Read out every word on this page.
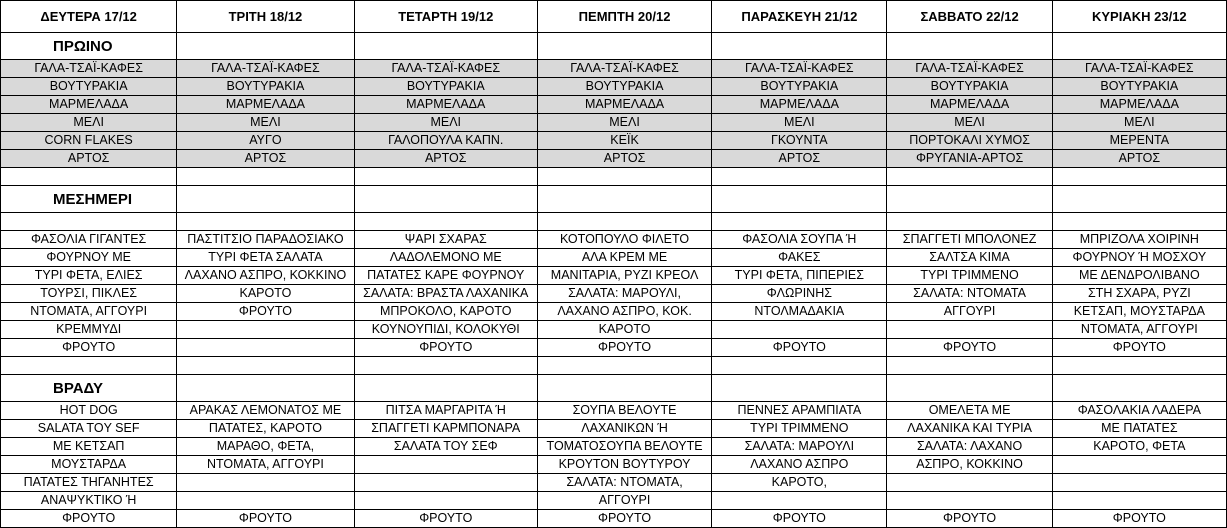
ΔΕΥΤΕΡΑ 17/12	ΤΡΙΤΗ 18/12	ΤΕΤΑΡΤΗ 19/12	ΠΕΜΠΤΗ 20/12	ΠΑΡΑΣΚΕΥΗ 21/12	ΣΑΒΒΑΤΟ 22/12	ΚΥΡΙΑΚΗ 23/12
ΠΡΩΙΝΟ						
ΓΑΛΑ-ΤΣΑΪ-ΚΑΦΕΣ	ΓΑΛΑ-ΤΣΑΪ-ΚΑΦΕΣ	ΓΑΛΑ-ΤΣΑΪ-ΚΑΦΕΣ	ΓΑΛΑ-ΤΣΑΪ-ΚΑΦΕΣ	ΓΑΛΑ-ΤΣΑΪ-ΚΑΦΕΣ	ΓΑΛΑ-ΤΣΑΪ-ΚΑΦΕΣ	ΓΑΛΑ-ΤΣΑΪ-ΚΑΦΕΣ
ΒΟΥΤΥΡΑΚΙΑ	ΒΟΥΤΥΡΑΚΙΑ	ΒΟΥΤΥΡΑΚΙΑ	ΒΟΥΤΥΡΑΚΙΑ	ΒΟΥΤΥΡΑΚΙΑ	ΒΟΥΤΥΡΑΚΙΑ	ΒΟΥΤΥΡΑΚΙΑ
ΜΑΡΜΕΛΑΔΑ	ΜΑΡΜΕΛΑΔΑ	ΜΑΡΜΕΛΑΔΑ	ΜΑΡΜΕΛΑΔΑ	ΜΑΡΜΕΛΑΔΑ	ΜΑΡΜΕΛΑΔΑ	ΜΑΡΜΕΛΑΔΑ
ΜΕΛΙ	ΜΕΛΙ	ΜΕΛΙ	ΜΕΛΙ	ΜΕΛΙ	ΜΕΛΙ	ΜΕΛΙ
CORN FLAKES	ΑΥΓΟ	ΓΑΛΟΠΟΥΛΑ ΚΑΠΝ.	ΚΕΪΚ	ΓΚΟΥΝΤΑ	ΠΟΡΤΟΚΑΛΙ ΧΥΜΟΣ	ΜΕΡΕΝΤΑ
ΑΡΤΟΣ	ΑΡΤΟΣ	ΑΡΤΟΣ	ΑΡΤΟΣ	ΑΡΤΟΣ	ΦΡΥΓΑΝΙΑ-ΑΡΤΟΣ	ΑΡΤΟΣ

ΜΕΣΗΜΕΡΙ						

ΦΑΣΟΛΙΑ ΓΙΓΑΝΤΕΣ	ΠΑΣΤΙΤΣΙΟ ΠΑΡΑΔΟΣΙΑΚΟ	ΨΑΡΙ ΣΧΑΡΑΣ	ΚΟΤΟΠΟΥΛΟ ΦΙΛΕΤΟ	ΦΑΣΟΛΙΑ ΣΟΥΠΑ Ή	ΣΠΑΓΓΕΤΙ ΜΠΟΛΟΝΕΖ	ΜΠΡΙΖΟΛΑ ΧΟΙΡΙΝΗ
ΦΟΥΡΝΟΥ ΜΕ	ΤΥΡΙ ΦΕΤΑ ΣΑΛΑΤΑ	ΛΑΔΟΛΕΜΟΝΟ ΜΕ	ΑΛΑ ΚΡΕΜ ΜΕ	ΦΑΚΕΣ	ΣΑΛΤΣΑ ΚΙΜΑ	ΦΟΥΡΝΟΥ Ή ΜΟΣΧΟΥ
ΤΥΡΙ ΦΕΤΑ, ΕΛΙΕΣ	ΛΑΧΑΝΟ ΑΣΠΡΟ, ΚΟΚΚΙΝΟ	ΠΑΤΑΤΕΣ ΚΑΡΕ ΦΟΥΡΝΟΥ	ΜΑΝΙΤΑΡΙΑ, ΡΥΖΙ ΚΡΕΟΛ	ΤΥΡΙ ΦΕΤΑ, ΠΙΠΕΡΙΕΣ	ΤΥΡΙ ΤΡΙΜΜΕΝΟ	ΜΕ ΔΕΝΔΡΟΛΙΒΑΝΟ
ΤΟΥΡΣΙ, ΠΙΚΛΕΣ	ΚΑΡΟΤΟ	ΣΑΛΑΤΑ: ΒΡΑΣΤΑ ΛΑΧΑΝΙΚΑ	ΣΑΛΑΤΑ: ΜΑΡΟΥΛΙ,	ΦΛΩΡΙΝΗΣ	ΣΑΛΑΤΑ: ΝΤΟΜΑΤΑ	ΣΤΗ ΣΧΑΡΑ, ΡΥΖΙ
ΝΤΟΜΑΤΑ, ΑΓΓΟΥΡΙ	ΦΡΟΥΤΟ	ΜΠΡΟΚΟΛΟ, ΚΑΡΟΤΟ	ΛΑΧΑΝΟ ΑΣΠΡΟ, ΚΟΚ.	ΝΤΟΛΜΑΔΑΚΙΑ	ΑΓΓΟΥΡΙ	ΚΕΤΣΑΠ, ΜΟΥΣΤΑΡΔΑ
ΚΡΕΜΜΥΔΙ		ΚΟΥΝΟΥΠΙΔΙ, ΚΟΛΟΚΥΘΙ	ΚΑΡΟΤΟ			ΝΤΟΜΑΤΑ, ΑΓΓΟΥΡΙ
ΦΡΟΥΤΟ		ΦΡΟΥΤΟ	ΦΡΟΥΤΟ	ΦΡΟΥΤΟ	ΦΡΟΥΤΟ	ΦΡΟΥΤΟ

ΒΡΑΔΥ						
HOT DOG	ΑΡΑΚΑΣ ΛΕΜΟΝΑΤΟΣ ΜΕ	ΠΙΤΣΑ ΜΑΡΓΑΡΙΤΑ Ή	ΣΟΥΠΑ ΒΕΛΟΥΤΕ	ΠΕΝΝΕΣ ΑΡΑΜΠΙΑΤΑ	ΟΜΕΛΕΤΑ ΜΕ	ΦΑΣΟΛΑΚΙΑ ΛΑΔΕΡΑ
SALATA TOY SEF	ΠΑΤΑΤΕΣ, ΚΑΡΟΤΟ	ΣΠΑΓΓΕΤΙ ΚΑΡΜΠΟΝΑΡΑ	ΛΑΧΑΝΙΚΩΝ Ή	ΤΥΡΙ ΤΡΙΜΜΕΝΟ	ΛΑΧΑΝΙΚΑ ΚΑΙ ΤΥΡΙΑ	ΜΕ ΠΑΤΑΤΕΣ
ΜΕ ΚΕΤΣΑΠ	ΜΑΡΑΘΟ, ΦΕΤΑ,	ΣΑΛΑΤΑ ΤΟΥ ΣΕΦ	ΤΟΜΑΤΟΣΟΥΠΑ ΒΕΛΟΥΤΕ	ΣΑΛΑΤΑ: ΜΑΡΟΥΛΙ	ΣΑΛΑΤΑ: ΛΑΧΑΝΟ	ΚΑΡΟΤΟ, ΦΕΤΑ
ΜΟΥΣΤΑΡΔΑ	ΝΤΟΜΑΤΑ, ΑΓΓΟΥΡΙ		ΚΡΟΥΤΟΝ ΒΟΥΤΥΡΟΥ	ΛΑΧΑΝΟ ΑΣΠΡΟ	ΑΣΠΡΟ, ΚΟΚΚΙΝΟ	
ΠΑΤΑΤΕΣ ΤΗΓΑΝΗΤΕΣ			ΣΑΛΑΤΑ: ΝΤΟΜΑΤΑ,	ΚΑΡΟΤΟ,		
ΑΝΑΨΥΚΤΙΚΟ Ή			ΑΓΓΟΥΡΙ			
ΦΡΟΥΤΟ	ΦΡΟΥΤΟ	ΦΡΟΥΤΟ	ΦΡΟΥΤΟ	ΦΡΟΥΤΟ	ΦΡΟΥΤΟ	ΦΡΟΥΤΟ
